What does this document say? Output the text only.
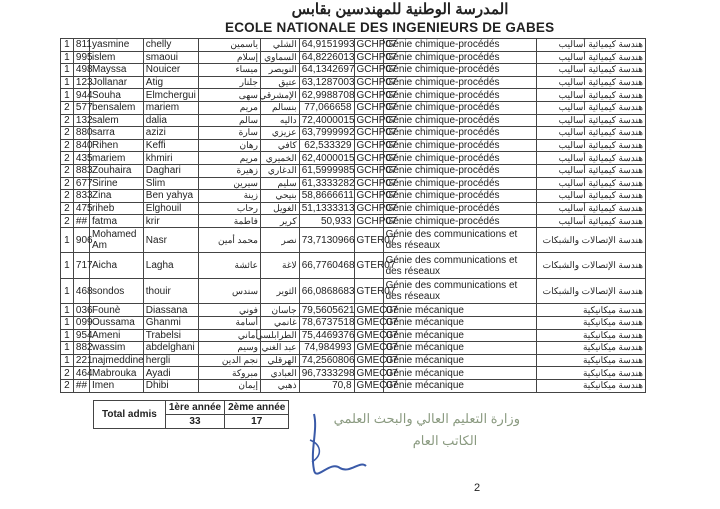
المدرسة الوطنية للمهندسين بقابس
ECOLE NATIONALE DES INGENIEURS DE GABES
1	811	yasmine	chelly	ياسمين	الشلي	64,9151993	GCHP07	Génie chimique-procédés	هندسة كيميائية أساليب
1	995	islem	smaoui	إسلام	السماوي	64,8226013	GCHP07	Génie chimique-procédés	هندسة كيميائية أساليب
1	498	Mayssa	Nouicer	ميساء	النويصر	64,1342697	GCHP07	Génie chimique-procédés	هندسة كيميائية أساليب
1	123	Jollanar	Atig	جلنار	عتيق	63,1287003	GCHP07	Génie chimique-procédés	هندسة كيميائية أساليب
1	944	Souha	Elmchergui	سهى	الإمشرقي	62,9988708	GCHP07	Génie chimique-procédés	هندسة كيميائية أساليب
2	577	bensalem	mariem	مريم	بنسالم	77,066658	GCHP07	Génie chimique-procédés	هندسة كيميائية أساليب
2	132	salem	dalia	سالم	داليه	72,4000015	GCHP07	Génie chimique-procédés	هندسة كيميائية أساليب
2	880	sarra	azizi	سارة	عزيزي	63,7999992	GCHP07	Génie chimique-procédés	هندسة كيميائية أساليب
2	840	Rihen	Keffi	رهان	كافي	62,533329	GCHP07	Génie chimique-procédés	هندسة كيميائية أساليب
2	435	mariem	khmiri	مريم	الخميري	62,4000015	GCHP07	Génie chimique-procédés	هندسة كيميائية أساليب
2	883	Zouhaira	Daghari	زهيرة	الدغاري	61,5999985	GCHP07	Génie chimique-procédés	هندسة كيميائية أساليب
2	677	Sirine	Slim	سيرين	سليم	61,3333282	GCHP07	Génie chimique-procédés	هندسة كيميائية أساليب
2	833	Zina	Ben yahya	زينة	بنيحي	58,8666611	GCHP07	Génie chimique-procédés	هندسة كيميائية أساليب
2	475	riheb	Elghouil	رحاب	الغويل	51,1333313	GCHP07	Génie chimique-procédés	هندسة كيميائية أساليب
2	##	fatma	krir	فاطمة	كرير	50,933	GCHP07	Génie chimique-procédés	هندسة كيميائية أساليب
1	906	Mohamed Am	Nasr	محمد أمين	نصر	73,7130966	GTER07	Génie des communications et des réseaux	هندسة الإتصالات والشبكات
1	717	Aicha	Lagha	عائشة	لاغة	66,7760468	GTER07	Génie des communications et des réseaux	هندسة الإتصالات والشبكات
1	468	sondos	thouir	سندس	الثوير	66,0868683	GTER07	Génie des communications et des réseaux	هندسة الإتصالات والشبكات
1	036	Founè	Diassana	فوني	جاسان	79,5605621	GMEC07	Génie mécanique	هندسة ميكانيكية
1	099	Oussama	Ghanmi	أسامة	غانمي	78,6737518	GMEC07	Génie mécanique	هندسة ميكانيكية
1	954	Ameni	Trabelsi	أماني	الطرابلسي	75,4469376	GMEC07	Génie mécanique	هندسة ميكانيكية
1	882	wassim	abdelghani	وسيم	عبد الغني	74,984993	GMEC07	Génie mécanique	هندسة ميكانيكية
1	221	najmeddine	hergli	نجم الدين	الهرقلي	74,2560806	GMEC07	Génie mécanique	هندسة ميكانيكية
2	464	Mabrouka	Ayadi	مبروكة	العبادي	96,7333298	GMEC07	Génie mécanique	هندسة ميكانيكية
2	##	Imen	Dhibi	إيمان	ذهبي	70,8	GMEC07	Génie mécanique	هندسة ميكانيكية
Total admis	1ère année	2ème année
	33	17	وزارة التعليم العالي والبحث العلمي
الكاتب العام
2
